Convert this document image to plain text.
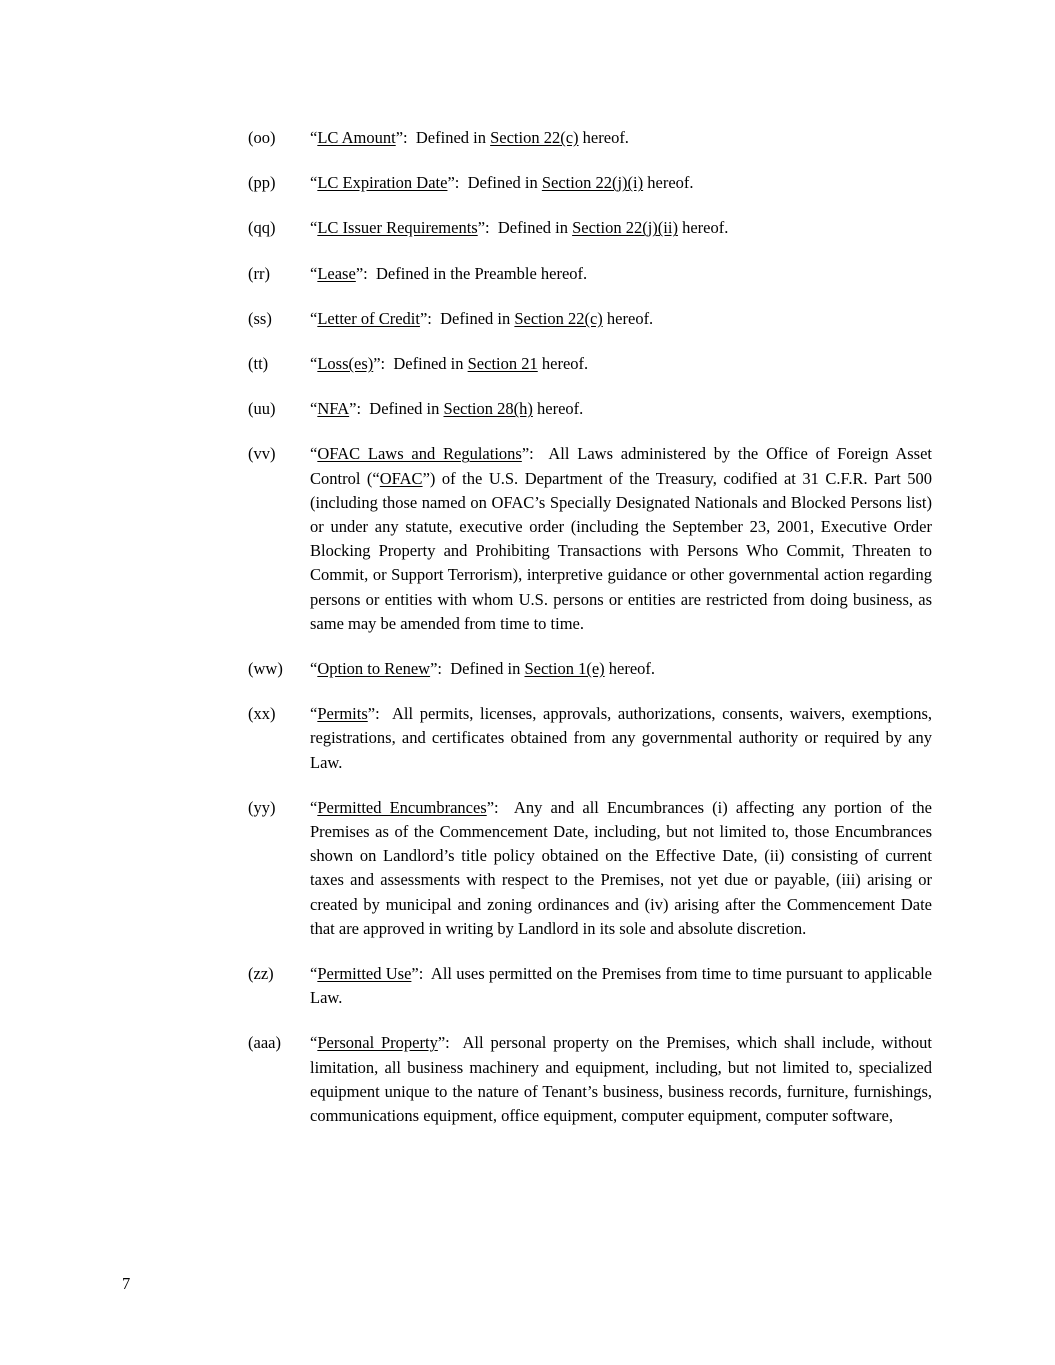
(oo)	“LC Amount”:  Defined in Section 22(c) hereof.

(pp)	“LC Expiration Date”:  Defined in Section 22(j)(i) hereof.

(qq)	“LC Issuer Requirements”:  Defined in Section 22(j)(ii) hereof.

(rr)	“Lease”:  Defined in the Preamble hereof.

(ss)	“Letter of Credit”:  Defined in Section 22(c) hereof.

(tt)	“Loss(es)”:  Defined in Section 21 hereof.

(uu)	“NFA”:  Defined in Section 28(h) hereof.

(vv)	“OFAC Laws and Regulations”:  All Laws administered by the Office of Foreign Asset Control (“OFAC”) of the U.S. Department of the Treasury, codified at 31 C.F.R. Part 500 (including those named on OFAC’s Specially Designated Nationals and Blocked Persons list) or under any statute, executive order (including the September 23, 2001, Executive Order Blocking Property and Prohibiting Transactions with Persons Who Commit, Threaten to Commit, or Support Terrorism), interpretive guidance or other governmental action regarding persons or entities with whom U.S. persons or entities are restricted from doing business, as same may be amended from time to time.

(ww)	“Option to Renew”:  Defined in Section 1(e) hereof.

(xx)	“Permits”:  All permits, licenses, approvals, authorizations, consents, waivers, exemptions, registrations, and certificates obtained from any governmental authority or required by any Law.

(yy)	“Permitted Encumbrances”:  Any and all Encumbrances (i) affecting any portion of the Premises as of the Commencement Date, including, but not limited to, those Encumbrances shown on Landlord’s title policy obtained on the Effective Date, (ii) consisting of current taxes and assessments with respect to the Premises, not yet due or payable, (iii) arising or created by municipal and zoning ordinances and (iv) arising after the Commencement Date that are approved in writing by Landlord in its sole and absolute discretion.

(zz)	“Permitted Use”:  All uses permitted on the Premises from time to time pursuant to applicable Law.

(aaa)	“Personal Property”:  All personal property on the Premises, which shall include, without limitation, all business machinery and equipment, including, but not limited to, specialized equipment unique to the nature of Tenant’s business, business records, furniture, furnishings, communications equipment, office equipment, computer equipment, computer software,

7
